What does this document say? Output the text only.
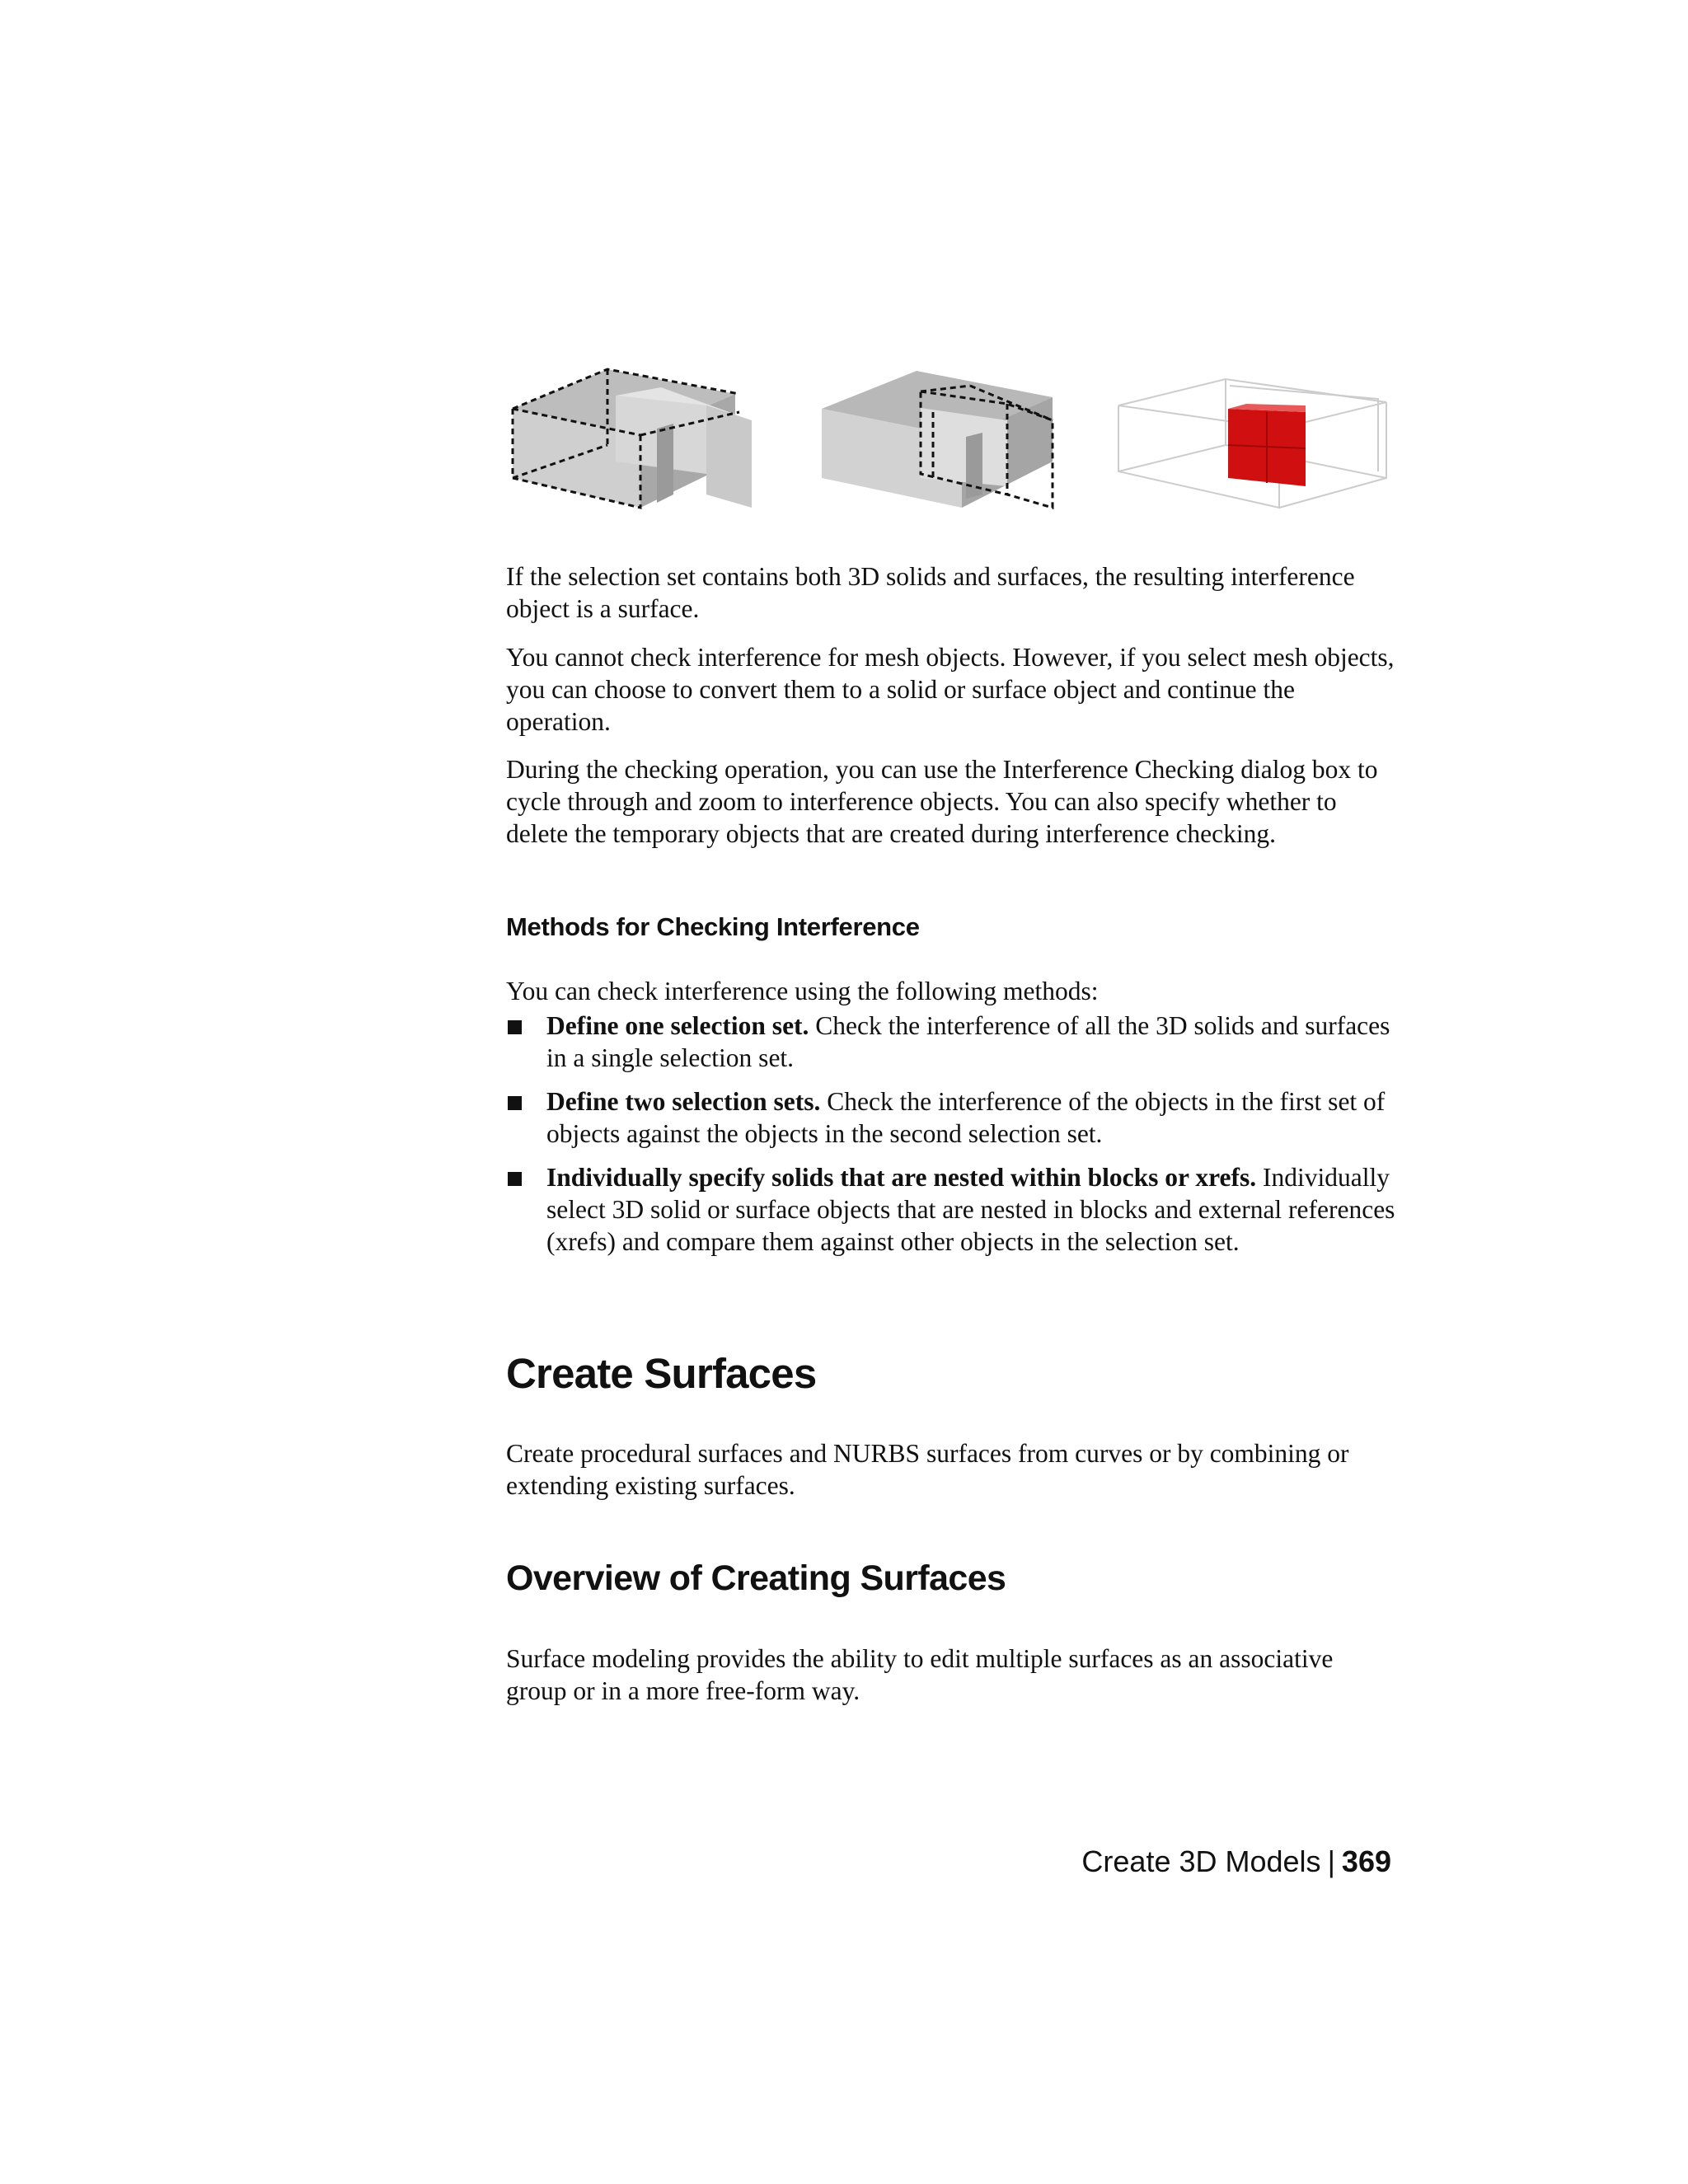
If the selection set contains both 3D solids and surfaces, the resulting interference object is a surface.

You cannot check interference for mesh objects. However, if you select mesh objects, you can choose to convert them to a solid or surface object and continue the operation.

During the checking operation, you can use the Interference Checking dialog box to cycle through and zoom to interference objects. You can also specify whether to delete the temporary objects that are created during interference checking.

Methods for Checking Interference

You can check interference using the following methods:

Define one selection set. Check the interference of all the 3D solids and surfaces in a single selection set.
Define two selection sets. Check the interference of the objects in the first set of objects against the objects in the second selection set.
Individually specify solids that are nested within blocks or xrefs. Individually select 3D solid or surface objects that are nested in blocks and external references (xrefs) and compare them against other objects in the selection set.
Create Surfaces

Create procedural surfaces and NURBS surfaces from curves or by combining or extending existing surfaces.

Overview of Creating Surfaces

Surface modeling provides the ability to edit multiple surfaces as an associative group or in a more free-form way.

Create 3D Models | 369
